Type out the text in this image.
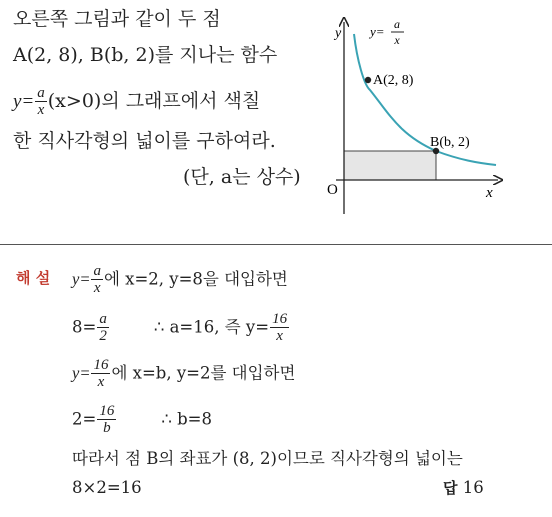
오른쪽 그림과 같이 두 점
A(2, 8), B(b, 2)를 지나는 함수
$y= \frac{a}{x} (x>0)$의 그래프에서 색칠
한 직사각형의 넓이를 구하여라.
(단, a는 상수)
y
x
O
y= a
x
A(2, 8)
B(b, 2)
해 설 $y= \frac{a}{x}$ 에 x=2, y=8을 대입하면
$8= \frac{a}{2}$	∴ a=16, 즉 $y= \frac{16}{x}$
$y= \frac{16}{x}$ 에 x=b, y=2를 대입하면
$2= \frac{16}{b}$	∴ b=8
따라서 점 B의 좌표가 (8, 2)이므로 직사각형의 넓이는
8×2=16	답 16
